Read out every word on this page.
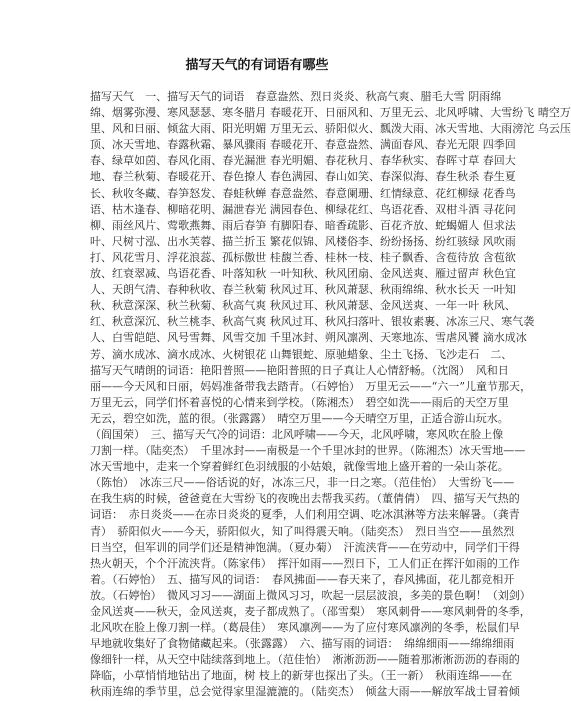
描写天气的有词语有哪些
描写天气　一、描写天气的词语　春意盎然、烈日炎炎、秋高气爽、腊毛大雪 阴雨绵
绵、烟雾弥漫、寒风瑟瑟、寒冬腊月 春暖花开、日丽风和、万里无云、北风呼啸、大雪纷飞 晴空万
里、风和日丽、倾盆大雨、阳光明媚 万里无云、骄阳似火、瓢泼大雨、冰天雪地、大雨滂沱 乌云压
顶、冰天雪地、春露秋霜、暴风骤雨 春暖花开、春意盎然、满面春风、春光无限 四季回
春、绿草如茵、春风化雨、春光漏泄 春光明媚、春花秋月、春华秋实、春晖寸草 春回大
地、春兰秋菊、春暖花开、春色撩人 春色满园、春山如笑、春深似海、春生秋杀 春生夏
长、秋收冬藏、春笋怒发、春蛙秋蝉 春意盎然、春意阑珊、红情绿意、花红柳绿 花香鸟
语、枯木逢春、柳暗花明、漏泄春光 满园春色、柳绿花红、鸟语花香、双柑斗酒 寻花问
柳、雨丝风片、莺歌燕舞、雨后春笋 有脚阳春、暗香疏影、百花齐放、蛇蝎媚人 但求法
叶、尺树寸泓、出水芙蓉、描兰折玉 繁花似锦、风楼俗李、纷纷扬扬、纷红骇绿 风吹雨
打、风花雪月、浮花浪蕊、孤标傲世 桂馥兰香、桂林一枝、桂子飘香、含苞待放 含苞欲
放、红衰翠减、鸟语花香、叶落知秋 一叶知秋、秋风团扇、金风送爽、雁过留声 秋色宜
人、天朗气清、春种秋收、春兰秋菊 秋风过耳、秋风萧瑟、秋雨绵绵、秋水长天 一叶知
秋、秋意深深、秋兰秋菊、秋高气爽 秋风过耳、秋风萧瑟、金风送爽、一年一叶 秋风、
红、秋意深沉、秋兰桃李、秋高气爽 秋风过耳、秋风扫落叶、银妆素裹、冰冻三尺、寒气袭
人、白雪皑皑、风号雪舞、风雪交加 千里冰封、朔风凛冽、天寒地冻、雪虐风饕 滴水成冰
芳、滴水成冰、滴水成冰、火树银花 山舞银蛇、原驰蜡象、尘土飞扬、飞沙走石　二、
描写天气晴朗的词语：艳阳普照——艳阳普照的日子真让人心情舒畅。（沈阁）　风和日
丽——今天风和日丽，妈妈准备带我去踏青。（石婷怡）　万里无云——“六一”儿童节那天，
万里无云，同学们怀着喜悦的心情来到学校。（陈湘杰）　碧空如洗——雨后的天空万里
无云，碧空如洗，蓝的很。（张露露）　晴空万里——今天晴空万里，正适合游山玩水。
（阎国荣）　三、描写天气冷的词语：北风呼啸——今天，北风呼啸，寒风吹在脸上像
刀割一样。（陆奕杰）　千里冰封——南极是一个千里冰封的世界。（陈湘杰）冰天雪地——
冰天雪地中，走来一个穿着鲜红色羽绒服的小姑娘，就像雪地上盛开着的一朵山茶花。
（陈怡）　冰冻三尺——俗话说的好，冰冻三尺，非一日之寒。（范佳怡）　大雪纷飞——
在我生病的时候，爸爸竟在大雪纷飞的夜晚出去帮我买药。（董倩倩）　四、描写天气热的
词语：　赤日炎炎——在赤日炎炎的夏季，人们利用空调、吃冰淇淋等方法来解暑。（龚青
青）　骄阳似火——今天，骄阳似火，知了叫得震天响。（陆奕杰）　烈日当空——虽然烈
日当空，但军训的同学们还是精神饱满。（夏办菊）　汗流浃背——在劳动中，同学们干得
热火朝天，个个汗流浃背。（陈家伟）　挥汗如雨——烈日下，工人们正在挥汗如雨的工作
着。（石婷怡）　五、描写风的词语：　春风拂面——春天来了，春风拂面，花儿都竞相开
放。（石婷怡）　微风习习——湖面上微风习习，吹起一层层波浪，多美的景色啊！（刘剑）
金风送爽——秋天，金风送爽，麦子都成熟了。（邵雪梨）　寒风刺骨——寒风刺骨的冬季，
北风吹在脸上像刀割一样。（葛晨佳）　寒风凛冽——为了应付寒风凛冽的冬季，松鼠们早
早地就收集好了食物储藏起来。（张露露）　六、描写雨的词语：　绵绵细雨——绵绵细雨
像细针一样，从天空中陆续落到地上。（范佳怡）　淅淅沥沥——随着那淅淅沥沥的春雨的
降临，小草悄悄地钻出了地面，树 枝上的新芽也探出了头。（王一新）　秋雨连绵——在
秋雨连绵的季节里，总会觉得家里湿漉漉的。（陆奕杰）　倾盆大雨——解放军战士冒着倾
